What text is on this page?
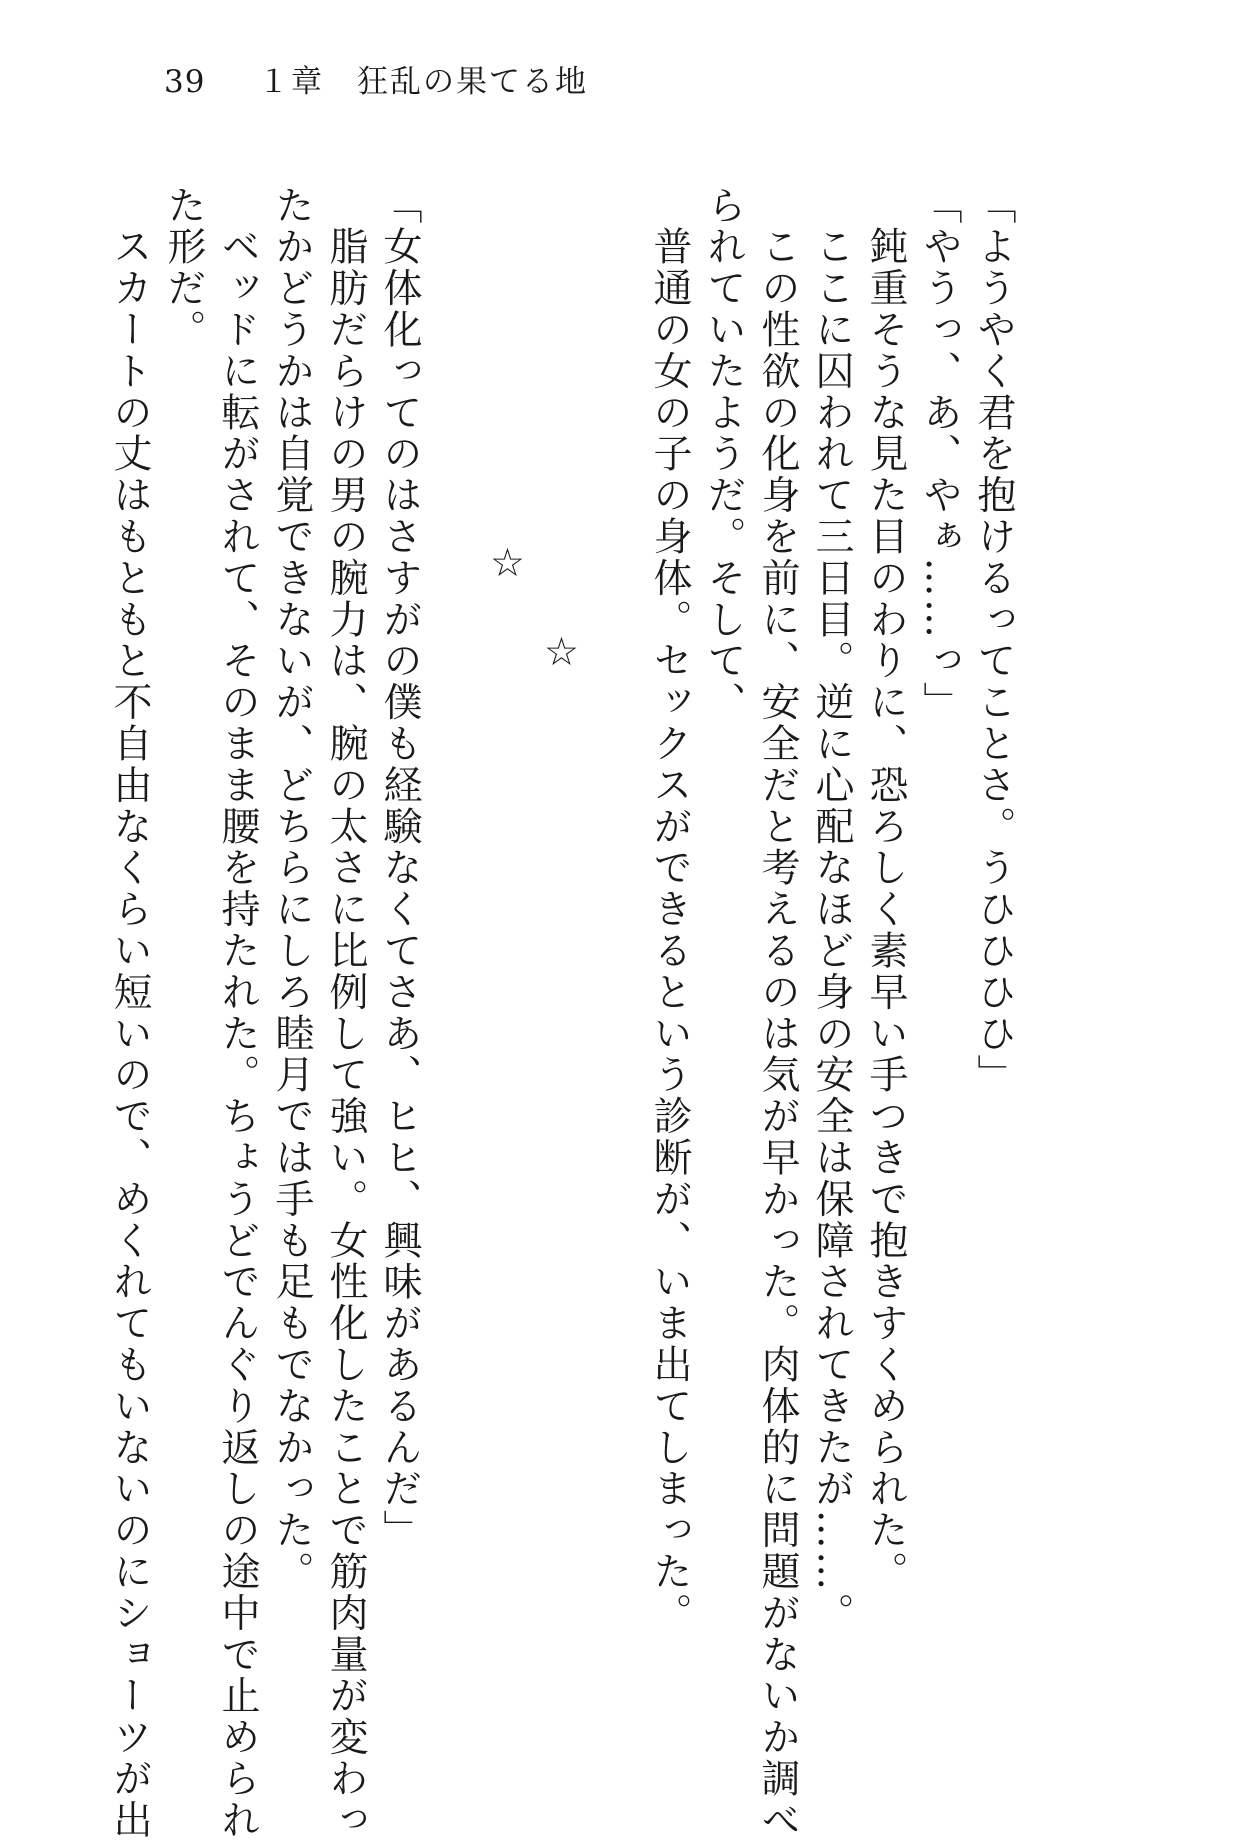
39 １章　狂乱の果てる地
「ようやく君を抱けるってことさ。うひひひひ」
「やうっ、あ、やぁ……っ」
　鈍重そうな見た目のわりに、恐ろしく素早い手つきで抱きすくめられた。
　ここに囚われて三日目。逆に心配なほど身の安全は保障されてきたが……。
　この性欲の化身を前に、安全だと考えるのは気が早かった。肉体的に問題がないか調べ
られていたようだ。そして、
　普通の女の子の身体。セックスができるという診断が、いま出てしまった。
☆
☆
「女体化ってのはさすがの僕も経験なくてさあ、ヒヒ、興味があるんだ」
　脂肪だらけの男の腕力は、腕の太さに比例して強い。女性化したことで筋肉量が変わっ
たかどうかは自覚できないが、どちらにしろ睦月では手も足もでなかった。
　ベッドに転がされて、そのまま腰を持たれた。ちょうどでんぐり返しの途中で止められ
た形だ。
　スカートの丈はもともと不自由なくらい短いので、めくれてもいないのにショーツが出
